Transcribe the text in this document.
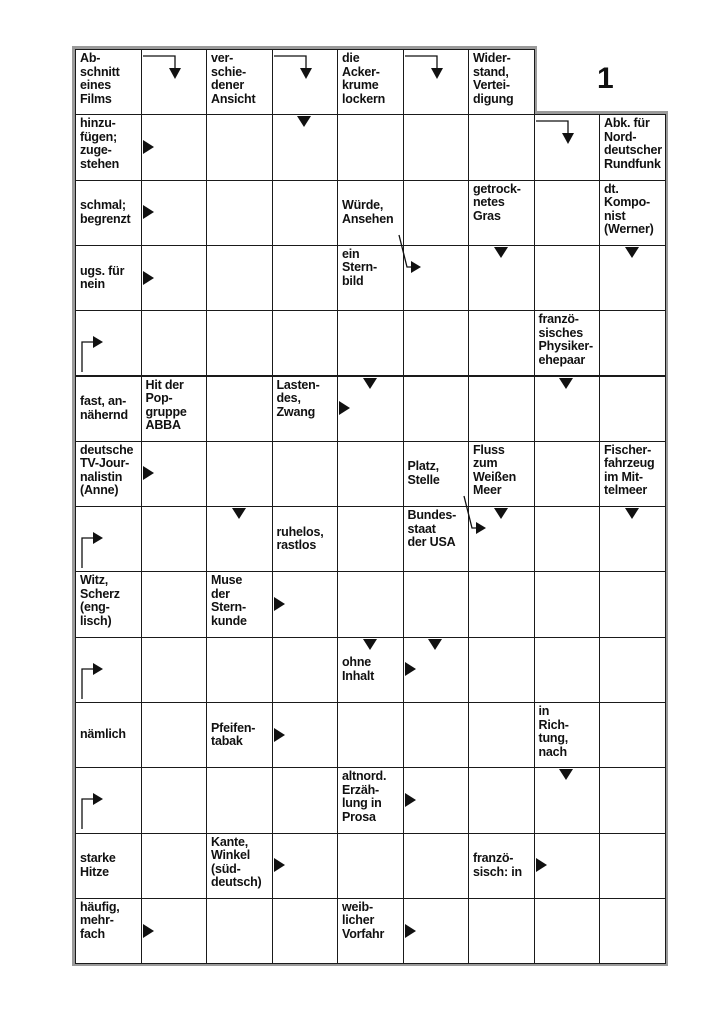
1
Ab-
schnitt
eines
Films
ver-
schie-
dener
Ansicht
die
Acker-
krume
lockern
Wider-
stand,
Vertei-
digung
hinzu-
fügen;
zuge-
stehen
Abk. für
Nord-
deutscher
Rundfunk
schmal;
begrenzt
Würde,
Ansehen
getrock-
netes
Gras
dt.
Kompo-
nist
(Werner)
ugs. für
nein
ein
Stern-
bild
franzö-
sisches
Physiker-
ehepaar
fast, an-
nähernd
Hit der
Pop-
gruppe
ABBA
Lasten-
des,
Zwang
deutsche
TV-Jour-
nalistin
(Anne)
Platz,
Stelle
Fluss
zum
Weißen
Meer
Fischer-
fahrzeug
im Mit-
telmeer
ruhelos,
rastlos
Bundes-
staat
der USA
Witz,
Scherz
(eng-
lisch)
Muse
der
Stern-
kunde
ohne
Inhalt
nämlich	Pfeifen-
tabak
in
Rich-
tung,
nach
altnord.
Erzäh-
lung in
Prosa
starke
Hitze
Kante,
Winkel
(süd-
deutsch)
franzö-
sisch: in
häufig,
mehr-
fach
weib-
licher
Vorfahr
